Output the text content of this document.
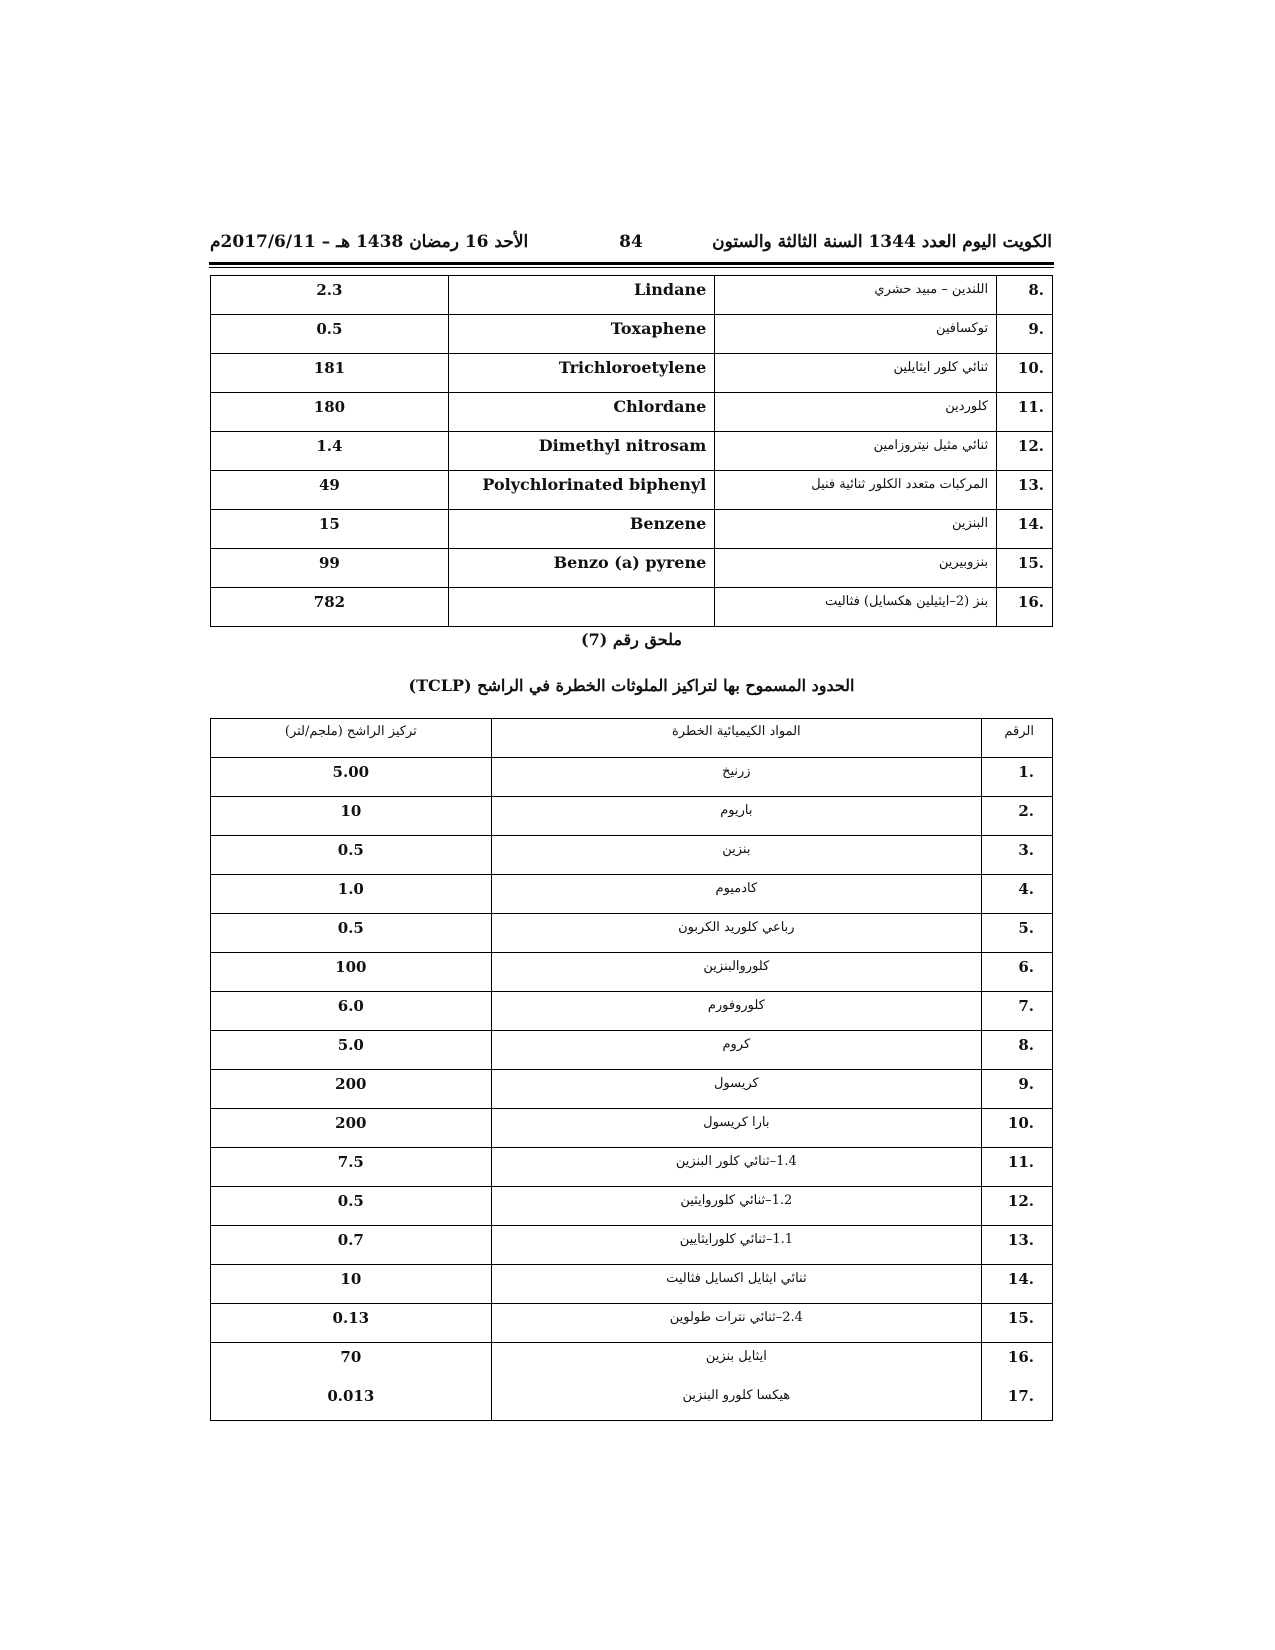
الكويت اليوم العدد 1344 السنة الثالثة والستون
84
الأحد 16 رمضان 1438 هـ – 2017/6/11م
2.3	Lindane	اللندين – مبيد حشري	.8

0.5	Toxaphene	توكسافين	.9

181	Trichloroetylene	ثنائي كلور ايثايلين	.10

180	Chlordane	كلوردين	.11

1.4	Dimethyl nitrosam	ثنائي مثيل نيتروزامين	.12

49	Polychlorinated biphenyl	المركبات متعدد الكلور ثنائية فنيل	.13

15	Benzene	البنزين	.14

99	Benzo (a) pyrene	بنزوبيرين	.15

782		بنز (2–ايثيلين هكسايل) فثاليت	.16
ملحق رقم (7)
الحدود المسموح بها لتراكيز الملوثات الخطرة في الراشح (TCLP)
تركيز الراشح (ملجم/لتر)	المواد الكيميائية الخطرة	الرقم

5.00	زرنيخ	.1

10	باريوم	.2

0.5	بنزين	.3

1.0	كادميوم	.4

0.5	رباعي كلوريد الكربون	.5

100	كلوروالبنزين	.6

6.0	كلوروفورم	.7

5.0	كروم	.8

200	كريسول	.9

200	بارا كريسول	.10

7.5	1.4–ثنائي كلور البنزين	.11

0.5	1.2–ثنائي كلوروايثين	.12

0.7	1.1–ثنائي كلورايثايين	.13

10	ثنائي ايثايل اكسايل فثاليت	.14

0.13	2.4–ثنائي نترات طولوين	.15

70	ايثايل بنزين	.16

0.013	هيكسا كلورو البنزين	.17
